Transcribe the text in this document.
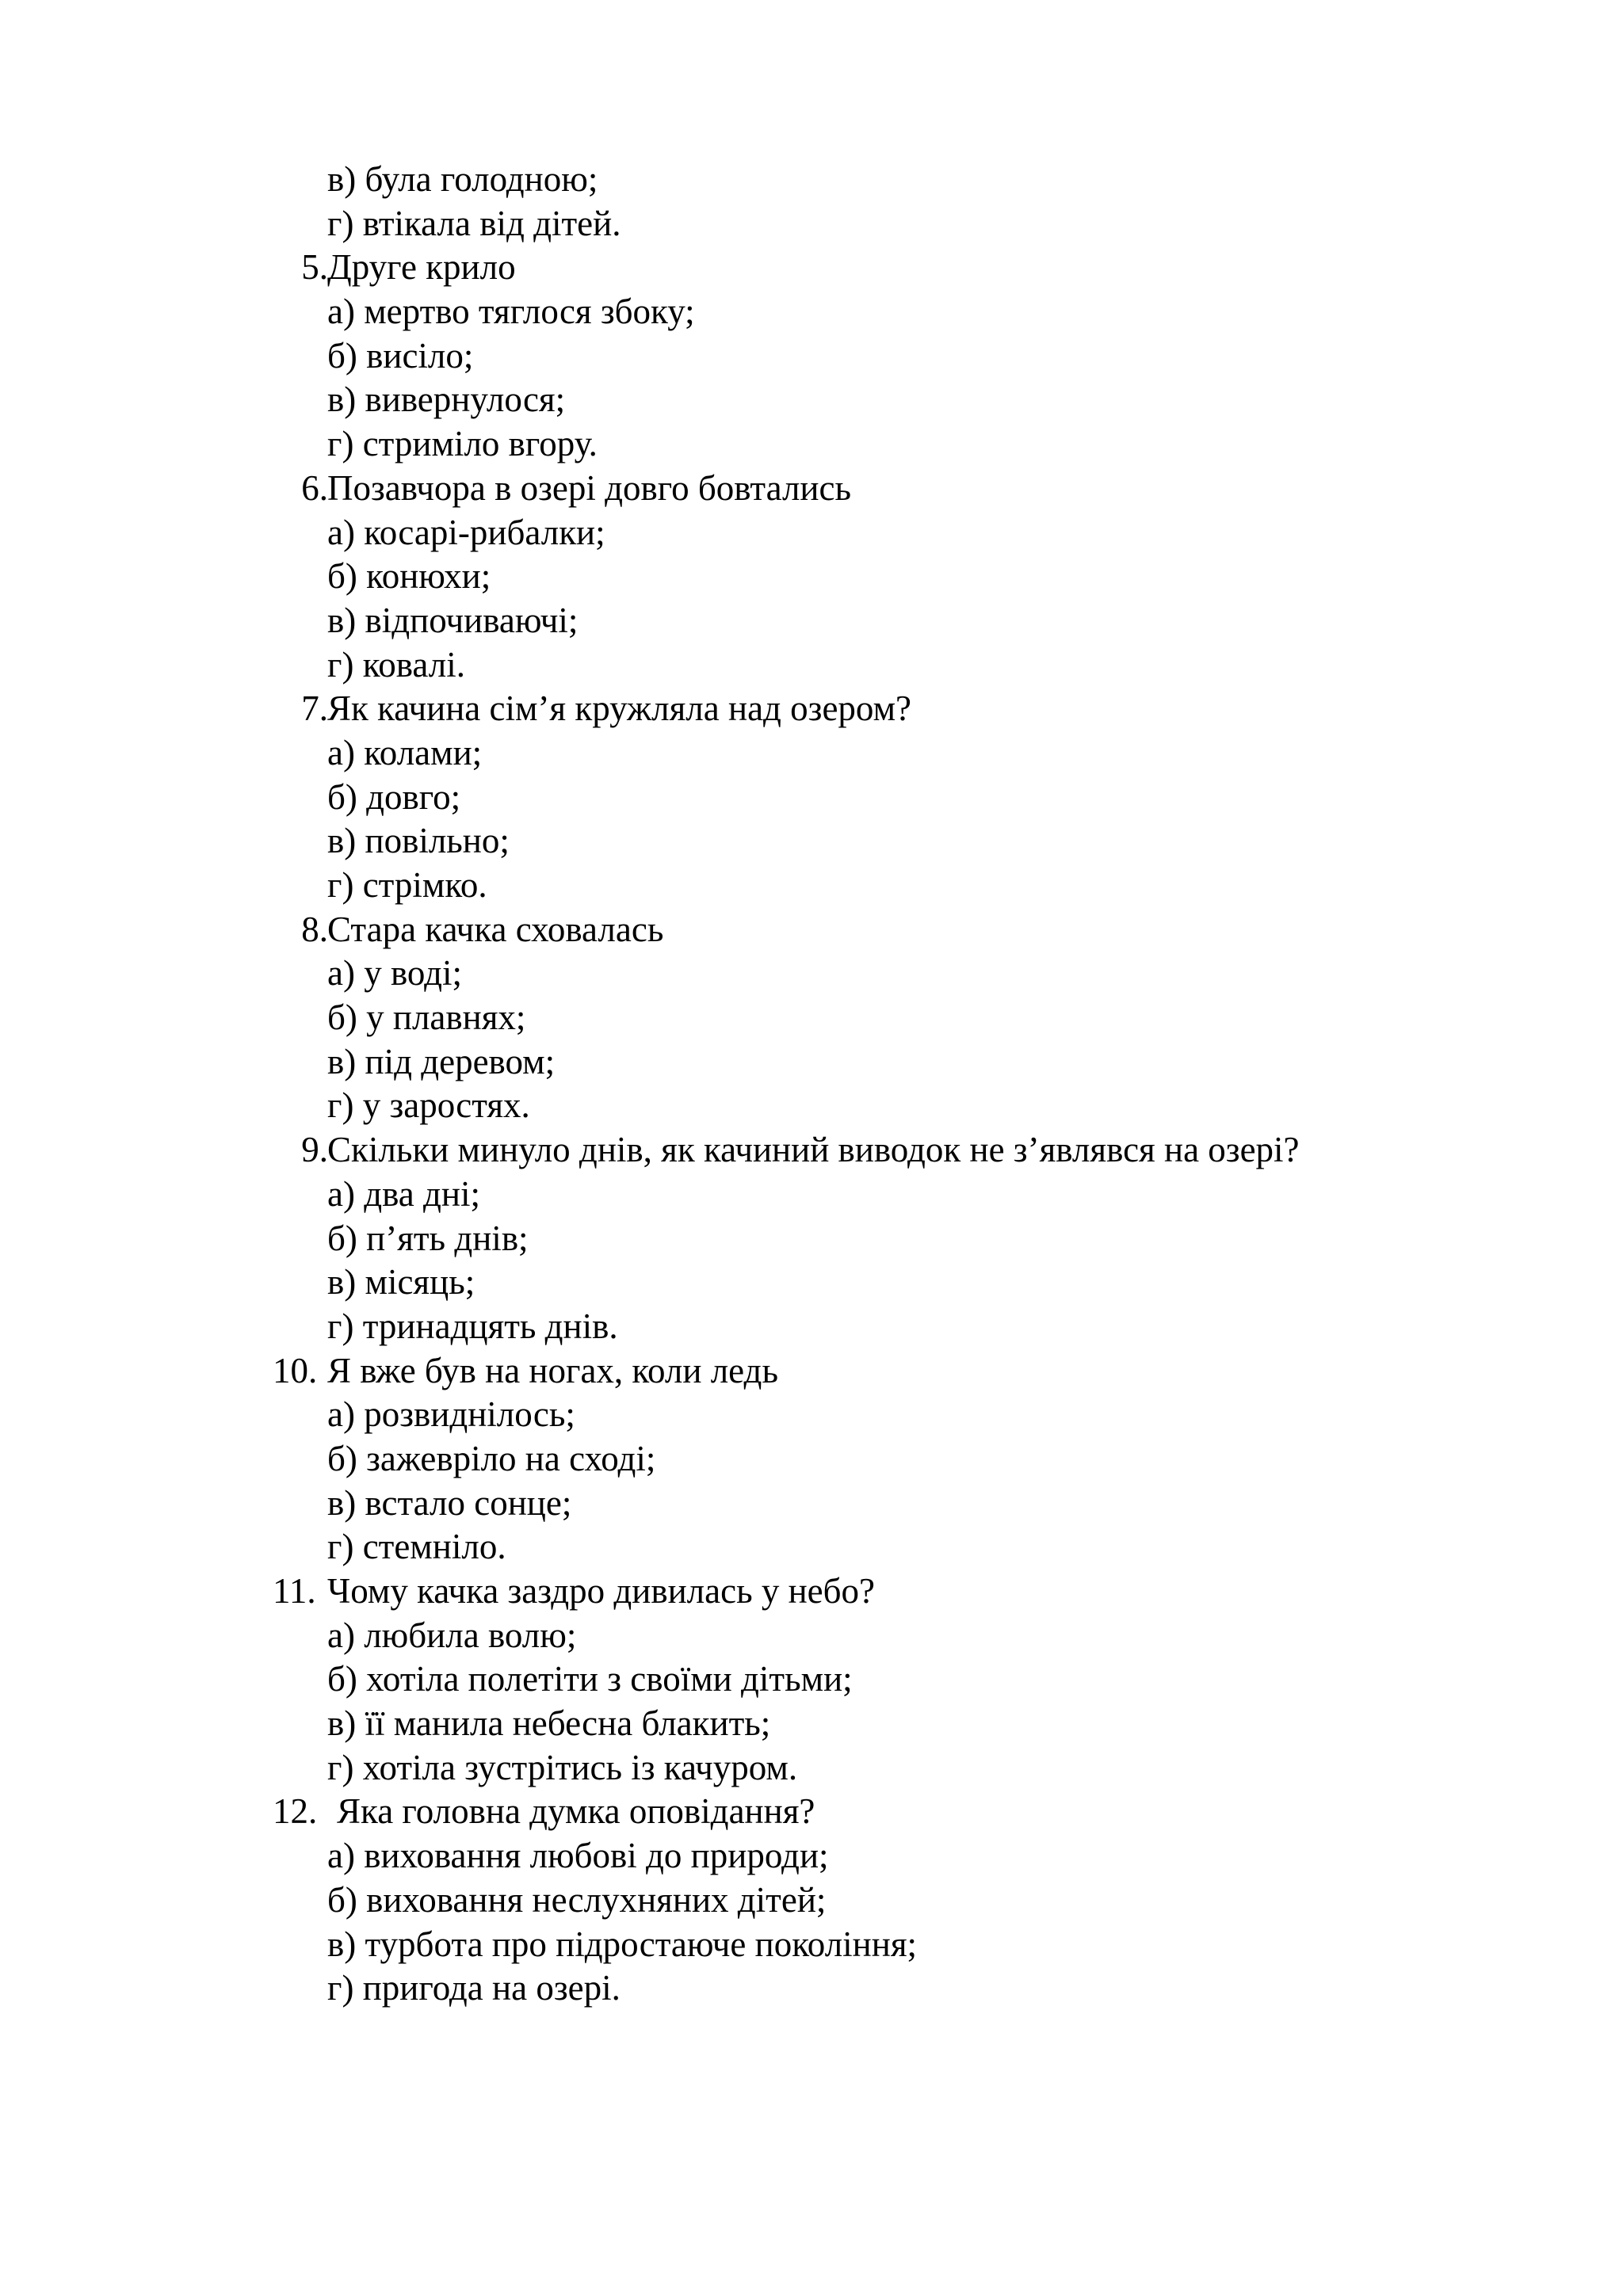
в) була голодною;
г) втікала від дітей.
5. Друге крило
а) мертво тяглося збоку;
б) висіло;
в) вивернулося;
г) стриміло вгору.
6. Позавчора в озері довго бовтались
а) косарі-рибалки;
б) конюхи;
в) відпочиваючі;
г) ковалі.
7. Як качина сім’я кружляла над озером?
а) колами;
б) довго;
в) повільно;
г) стрімко.
8. Стара качка сховалась
а) у воді;
б) у плавнях;
в) під деревом;
г) у заростях.
9. Скільки минуло днів, як качиний виводок не з’являвся на озері?
а) два дні;
б) п’ять днів;
в) місяць;
г) тринадцять днів.
10. Я вже був на ногах, коли ледь
а) розвиднілось;
б) зажевріло на сході;
в) встало сонце;
г) стемніло.
11. Чому качка заздро дивилась у небо?
а) любила волю;
б) хотіла полетіти з своїми дітьми;
в) її манила небесна блакить;
г) хотіла зустрітись із качуром.
12. Яка головна думка оповідання?
а) виховання любові до природи;
б) виховання неслухняних дітей;
в) турбота про підростаюче покоління;
г) пригода на озері.
